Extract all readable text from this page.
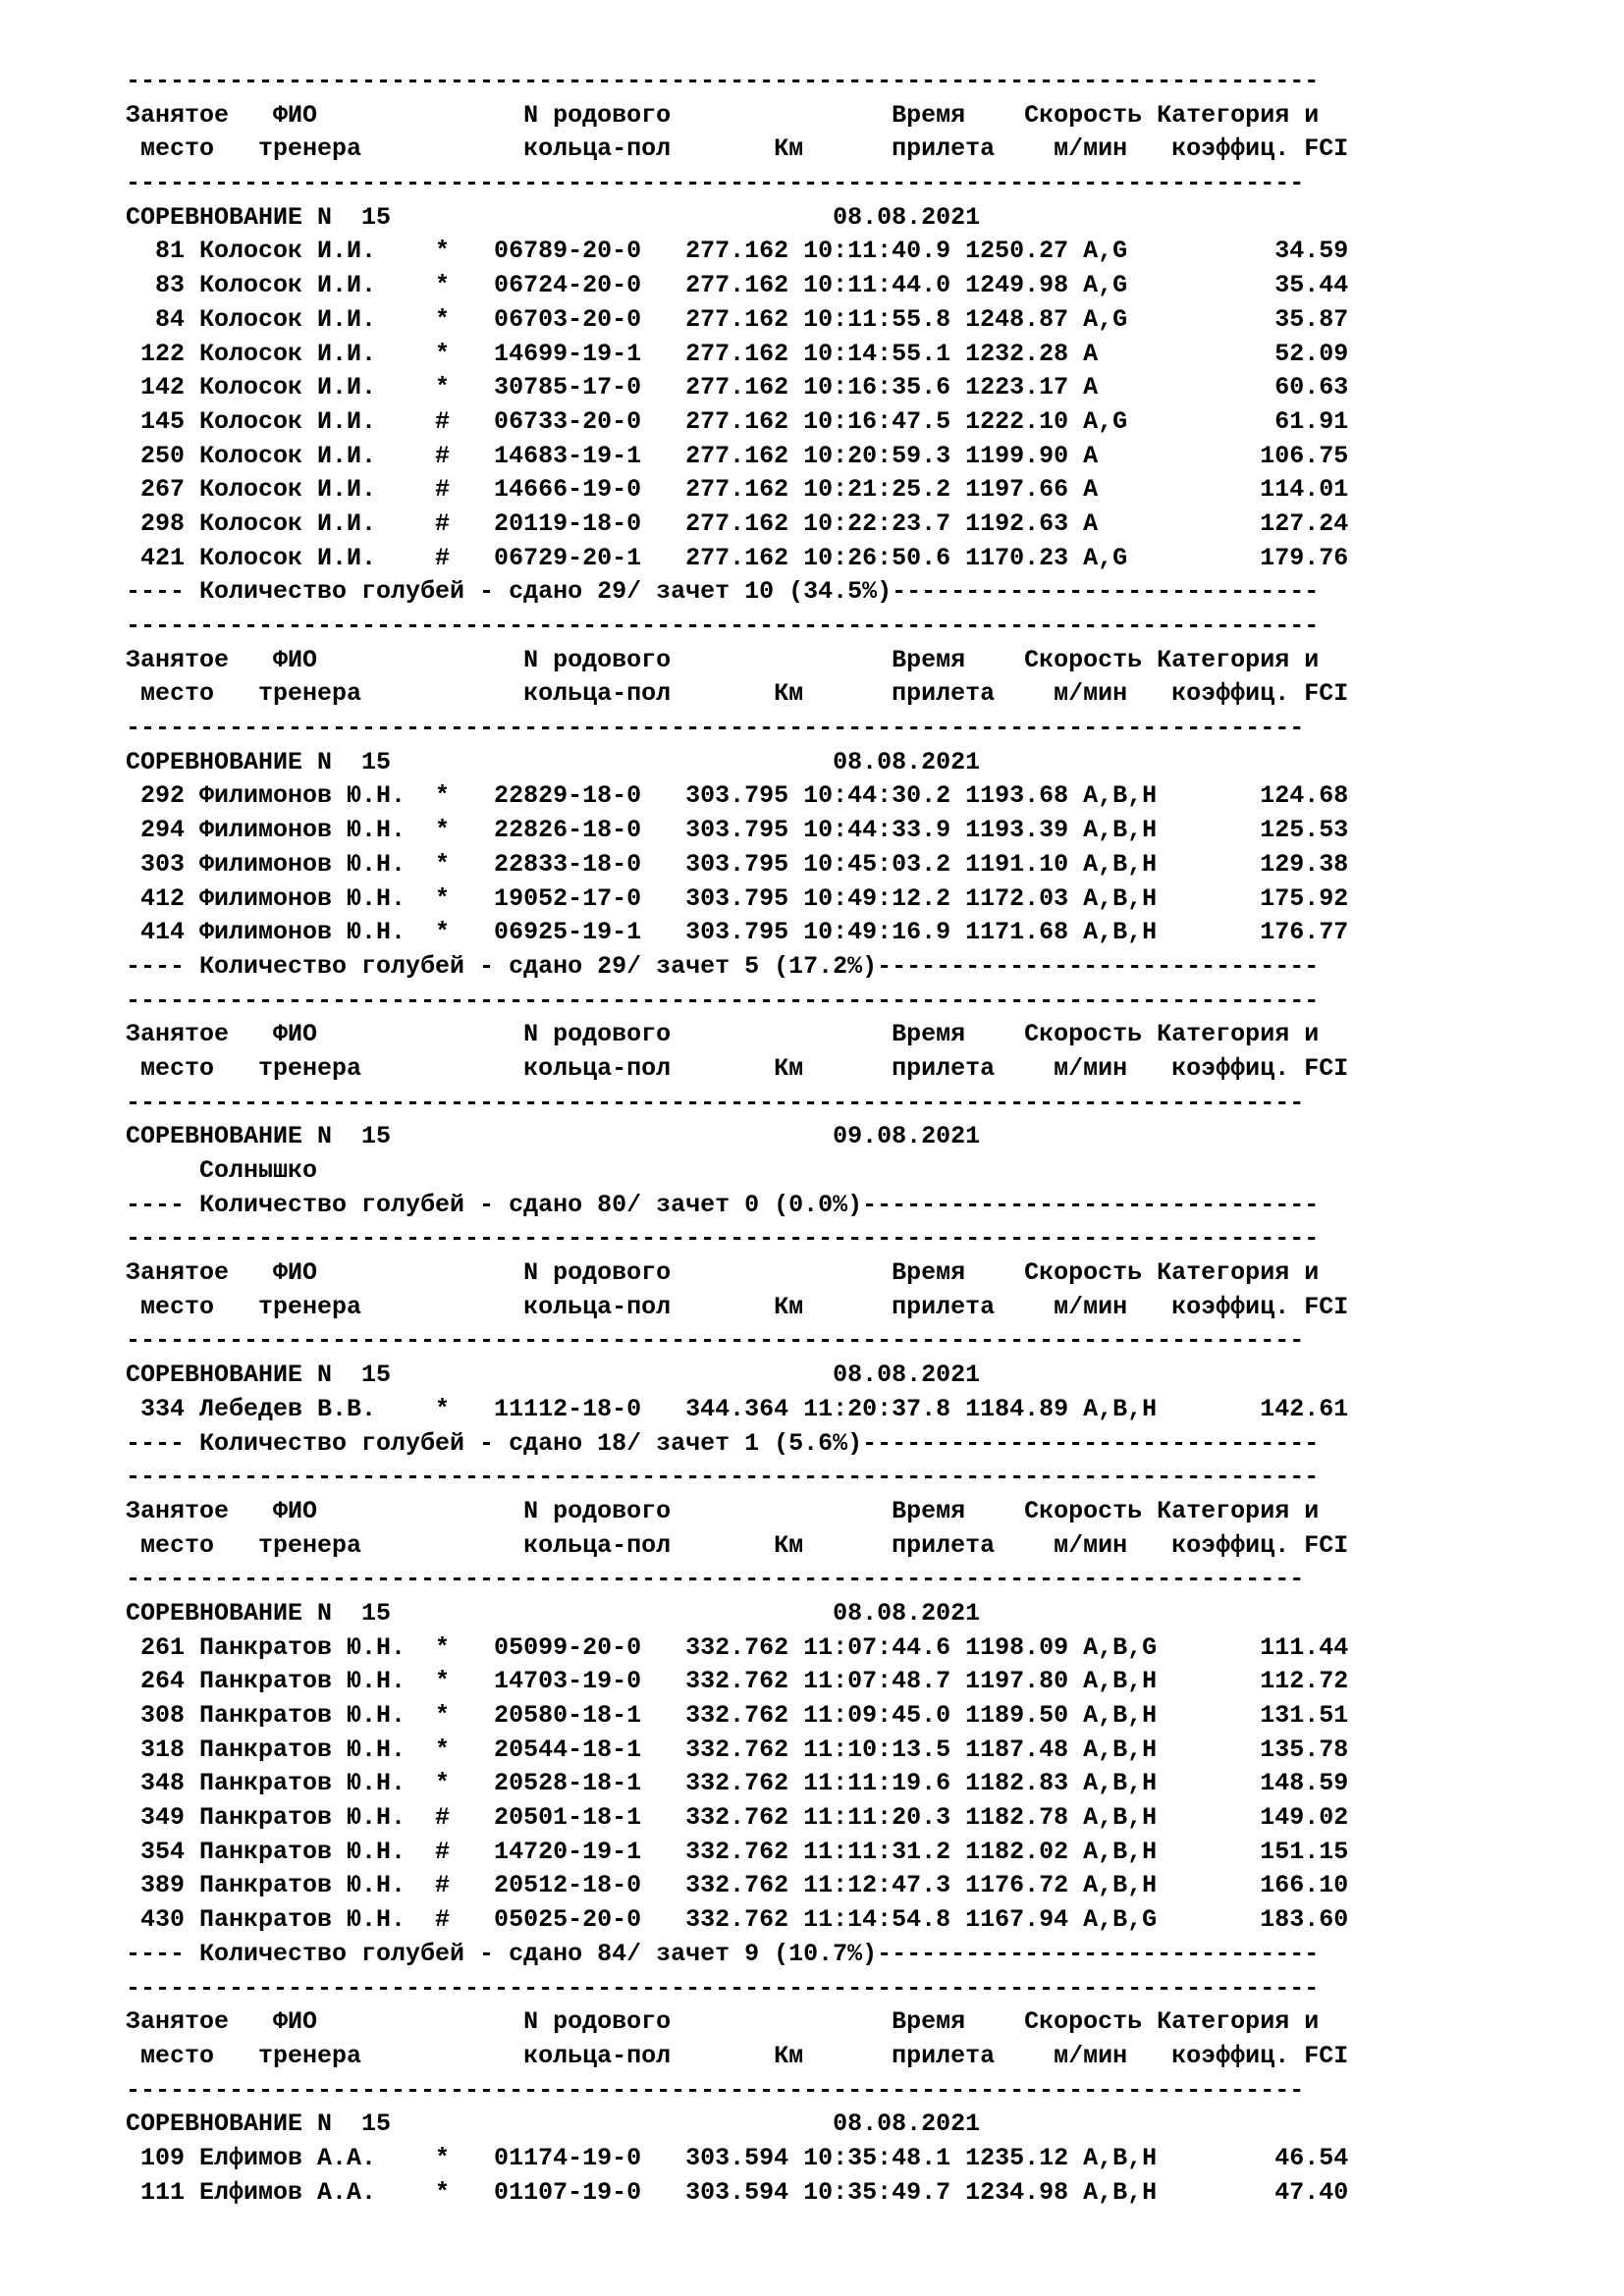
---------------------------------------------------------------------------------
Занятое   ФИО              N родового               Время    Скорость Категория и
место   тренера           кольца-пол       Км      прилета    м/мин   коэффиц. FCI
--------------------------------------------------------------------------------
СОРЕВНОВАНИЕ N  15                              08.08.2021
81 Колосок И.И.    *   06789-20-0   277.162 10:11:40.9 1250.27 A,G          34.59
83 Колосок И.И.    *   06724-20-0   277.162 10:11:44.0 1249.98 A,G          35.44
84 Колосок И.И.    *   06703-20-0   277.162 10:11:55.8 1248.87 A,G          35.87
122 Колосок И.И.    *   14699-19-1   277.162 10:14:55.1 1232.28 A            52.09
142 Колосок И.И.    *   30785-17-0   277.162 10:16:35.6 1223.17 A            60.63
145 Колосок И.И.    #   06733-20-0   277.162 10:16:47.5 1222.10 A,G          61.91
250 Колосок И.И.    #   14683-19-1   277.162 10:20:59.3 1199.90 A           106.75
267 Колосок И.И.    #   14666-19-0   277.162 10:21:25.2 1197.66 A           114.01
298 Колосок И.И.    #   20119-18-0   277.162 10:22:23.7 1192.63 A           127.24
421 Колосок И.И.    #   06729-20-1   277.162 10:26:50.6 1170.23 A,G         179.76
---- Количество голубей - сдано 29/ зачет 10 (34.5%)-----------------------------
---------------------------------------------------------------------------------
Занятое   ФИО              N родового               Время    Скорость Категория и
место   тренера           кольца-пол       Км      прилета    м/мин   коэффиц. FCI
--------------------------------------------------------------------------------
СОРЕВНОВАНИЕ N  15                              08.08.2021
292 Филимонов Ю.Н.  *   22829-18-0   303.795 10:44:30.2 1193.68 A,B,H       124.68
294 Филимонов Ю.Н.  *   22826-18-0   303.795 10:44:33.9 1193.39 A,B,H       125.53
303 Филимонов Ю.Н.  *   22833-18-0   303.795 10:45:03.2 1191.10 A,B,H       129.38
412 Филимонов Ю.Н.  *   19052-17-0   303.795 10:49:12.2 1172.03 A,B,H       175.92
414 Филимонов Ю.Н.  *   06925-19-1   303.795 10:49:16.9 1171.68 A,B,H       176.77
---- Количество голубей - сдано 29/ зачет 5 (17.2%)------------------------------
---------------------------------------------------------------------------------
Занятое   ФИО              N родового               Время    Скорость Категория и
место   тренера           кольца-пол       Км      прилета    м/мин   коэффиц. FCI
--------------------------------------------------------------------------------
СОРЕВНОВАНИЕ N  15                              09.08.2021
Солнышко
---- Количество голубей - сдано 80/ зачет 0 (0.0%)-------------------------------
---------------------------------------------------------------------------------
Занятое   ФИО              N родового               Время    Скорость Категория и
место   тренера           кольца-пол       Км      прилета    м/мин   коэффиц. FCI
--------------------------------------------------------------------------------
СОРЕВНОВАНИЕ N  15                              08.08.2021
334 Лебедев В.В.    *   11112-18-0   344.364 11:20:37.8 1184.89 A,B,H       142.61
---- Количество голубей - сдано 18/ зачет 1 (5.6%)-------------------------------
---------------------------------------------------------------------------------
Занятое   ФИО              N родового               Время    Скорость Категория и
место   тренера           кольца-пол       Км      прилета    м/мин   коэффиц. FCI
--------------------------------------------------------------------------------
СОРЕВНОВАНИЕ N  15                              08.08.2021
261 Панкратов Ю.Н.  *   05099-20-0   332.762 11:07:44.6 1198.09 A,B,G       111.44
264 Панкратов Ю.Н.  *   14703-19-0   332.762 11:07:48.7 1197.80 A,B,H       112.72
308 Панкратов Ю.Н.  *   20580-18-1   332.762 11:09:45.0 1189.50 A,B,H       131.51
318 Панкратов Ю.Н.  *   20544-18-1   332.762 11:10:13.5 1187.48 A,B,H       135.78
348 Панкратов Ю.Н.  *   20528-18-1   332.762 11:11:19.6 1182.83 A,B,H       148.59
349 Панкратов Ю.Н.  #   20501-18-1   332.762 11:11:20.3 1182.78 A,B,H       149.02
354 Панкратов Ю.Н.  #   14720-19-1   332.762 11:11:31.2 1182.02 A,B,H       151.15
389 Панкратов Ю.Н.  #   20512-18-0   332.762 11:12:47.3 1176.72 A,B,H       166.10
430 Панкратов Ю.Н.  #   05025-20-0   332.762 11:14:54.8 1167.94 A,B,G       183.60
---- Количество голубей - сдано 84/ зачет 9 (10.7%)------------------------------
---------------------------------------------------------------------------------
Занятое   ФИО              N родового               Время    Скорость Категория и
место   тренера           кольца-пол       Км      прилета    м/мин   коэффиц. FCI
--------------------------------------------------------------------------------
СОРЕВНОВАНИЕ N  15                              08.08.2021
109 Елфимов А.А.    *   01174-19-0   303.594 10:35:48.1 1235.12 A,B,H        46.54
111 Елфимов А.А.    *   01107-19-0   303.594 10:35:49.7 1234.98 A,B,H        47.40
